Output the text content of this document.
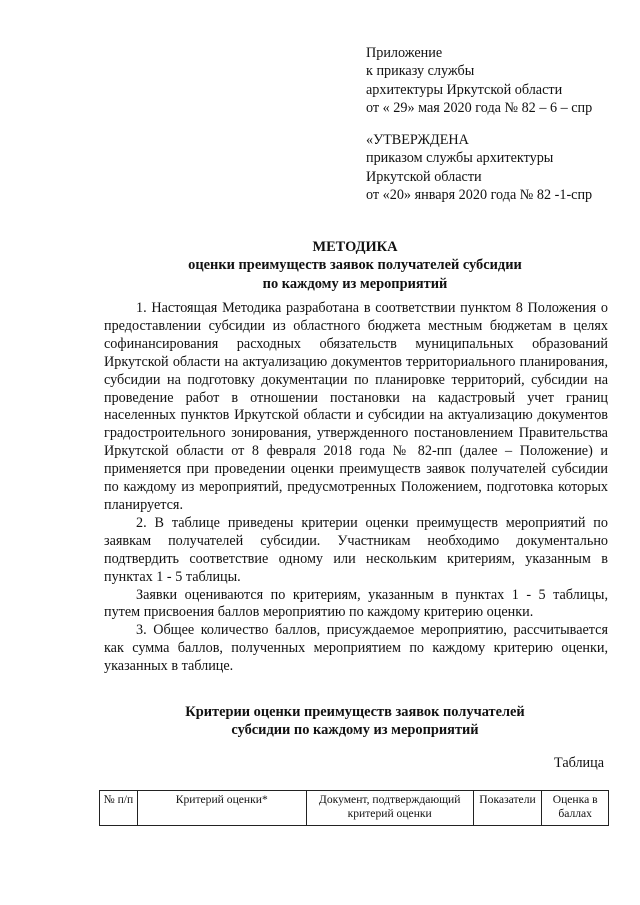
Приложение
к приказу службы
архитектуры Иркутской области
от « 29» мая 2020 года № 82 – 6 – спр
«УТВЕРЖДЕНА
приказом службы архитектуры
Иркутской области
от «20» января 2020 года № 82 -1-спр
МЕТОДИКА
оценки преимуществ заявок получателей субсидии
по каждому из мероприятий

1. Настоящая Методика разработана в соответствии пунктом 8 Положения о предоставлении субсидии из областного бюджета местным бюджетам в целях софинансирования расходных обязательств муниципальных образований Иркутской области на актуализацию документов территориального планирования, субсидии на подготовку документации по планировке территорий, субсидии на проведение работ в отношении постановки на кадастровый учет границ населенных пунктов Иркутской области и субсидии на актуализацию документов градостроительного зонирования, утвержденного постановлением Правительства Иркутской области от 8 февраля 2018 года № 82-пп (далее – Положение) и применяется при проведении оценки преимуществ заявок получателей субсидии по каждому из мероприятий, предусмотренных Положением, подготовка которых планируется.

2. В таблице приведены критерии оценки преимуществ мероприятий по заявкам получателей субсидии. Участникам необходимо документально подтвердить соответствие одному или нескольким критериям, указанным в пунктах 1 - 5 таблицы.

Заявки оцениваются по критериям, указанным в пунктах 1 - 5 таблицы, путем присвоения баллов мероприятию по каждому критерию оценки.

3. Общее количество баллов, присуждаемое мероприятию, рассчитывается как сумма баллов, полученных мероприятием по каждому критерию оценки, указанных в таблице.

Критерии оценки преимуществ заявок получателей
субсидии по каждому из мероприятий
Таблица
№ п/п	Критерий оценки*	Документ, подтверждающий критерий оценки	Показатели	Оценка в баллах
